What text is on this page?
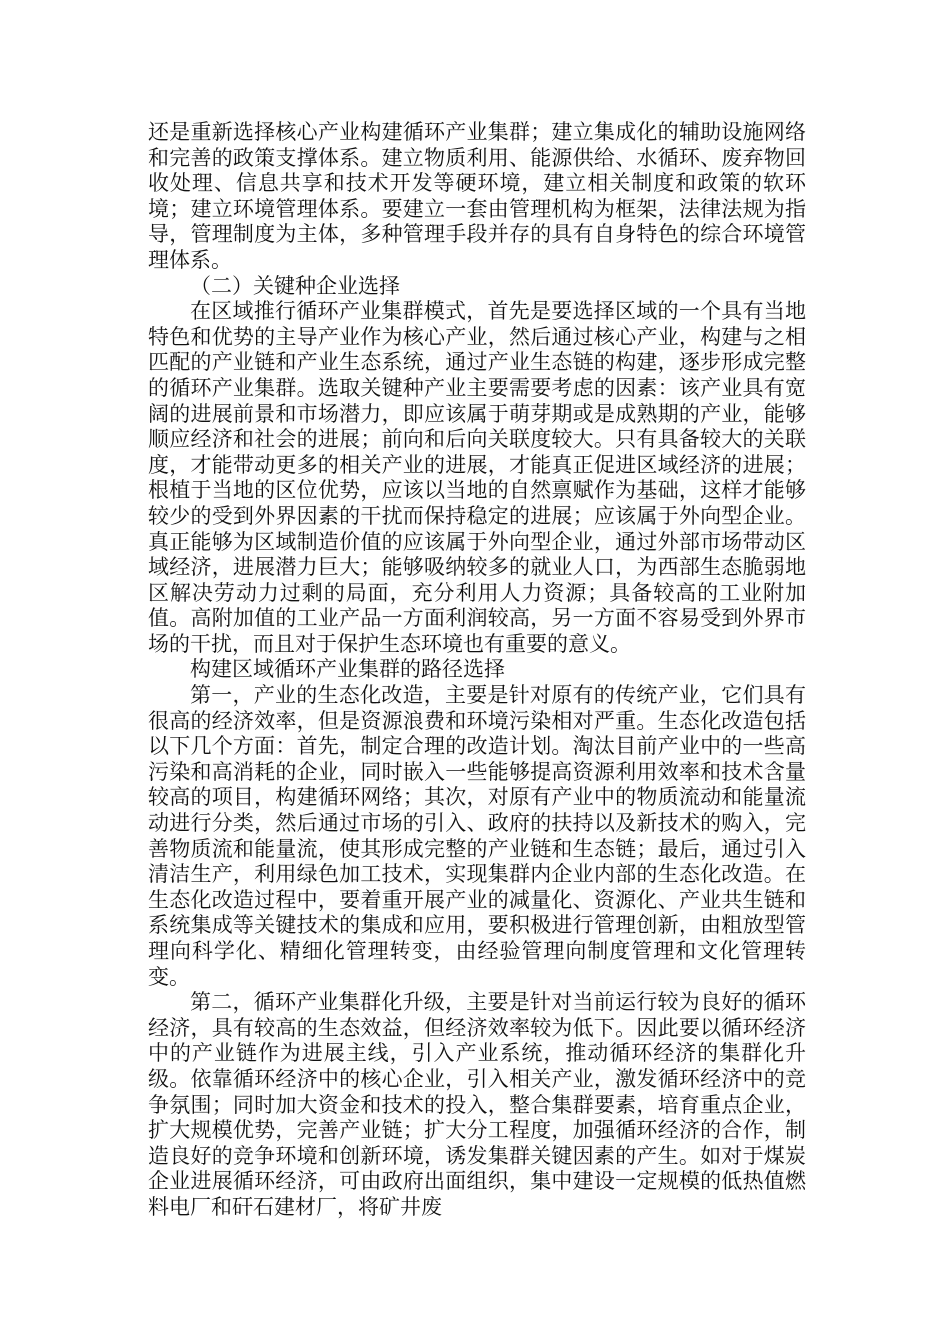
还是重新选择核心产业构建循环产业集群；建立集成化的辅助设施网络和完善的政策支撑体系。建立物质利用、能源供给、水循环、废弃物回收处理、信息共享和技术开发等硬环境，建立相关制度和政策的软环境；建立环境管理体系。要建立一套由管理机构为框架，法律法规为指导，管理制度为主体，多种管理手段并存的具有自身特色的综合环境管理体系。

（二）关键种企业选择

在区域推行循环产业集群模式，首先是要选择区域的一个具有当地特色和优势的主导产业作为核心产业，然后通过核心产业，构建与之相匹配的产业链和产业生态系统，通过产业生态链的构建，逐步形成完整的循环产业集群。选取关键种产业主要需要考虑的因素：该产业具有宽阔的进展前景和市场潜力，即应该属于萌芽期或是成熟期的产业，能够顺应经济和社会的进展；前向和后向关联度较大。只有具备较大的关联度，才能带动更多的相关产业的进展，才能真正促进区域经济的进展；根植于当地的区位优势，应该以当地的自然禀赋作为基础，这样才能够较少的受到外界因素的干扰而保持稳定的进展；应该属于外向型企业。真正能够为区域制造价值的应该属于外向型企业，通过外部市场带动区域经济，进展潜力巨大；能够吸纳较多的就业人口，为西部生态脆弱地区解决劳动力过剩的局面，充分利用人力资源；具备较高的工业附加值。高附加值的工业产品一方面利润较高，另一方面不容易受到外界市场的干扰，而且对于保护生态环境也有重要的意义。

构建区域循环产业集群的路径选择

第一，产业的生态化改造，主要是针对原有的传统产业，它们具有很高的经济效率，但是资源浪费和环境污染相对严重。生态化改造包括以下几个方面：首先，制定合理的改造计划。淘汰目前产业中的一些高污染和高消耗的企业，同时嵌入一些能够提高资源利用效率和技术含量较高的项目，构建循环网络；其次，对原有产业中的物质流动和能量流动进行分类，然后通过市场的引入、政府的扶持以及新技术的购入，完善物质流和能量流，使其形成完整的产业链和生态链；最后，通过引入清洁生产，利用绿色加工技术，实现集群内企业内部的生态化改造。在生态化改造过程中，要着重开展产业的减量化、资源化、产业共生链和系统集成等关键技术的集成和应用，要积极进行管理创新，由粗放型管理向科学化、精细化管理转变，由经验管理向制度管理和文化管理转变。

第二，循环产业集群化升级，主要是针对当前运行较为良好的循环经济，具有较高的生态效益，但经济效率较为低下。因此要以循环经济中的产业链作为进展主线，引入产业系统，推动循环经济的集群化升级。依靠循环经济中的核心企业，引入相关产业，激发循环经济中的竞争氛围；同时加大资金和技术的投入，整合集群要素，培育重点企业，扩大规模优势，完善产业链；扩大分工程度，加强循环经济的合作，制造良好的竞争环境和创新环境，诱发集群关键因素的产生。如对于煤炭企业进展循环经济，可由政府出面组织，集中建设一定规模的低热值燃料电厂和矸石建材厂，将矿井废
